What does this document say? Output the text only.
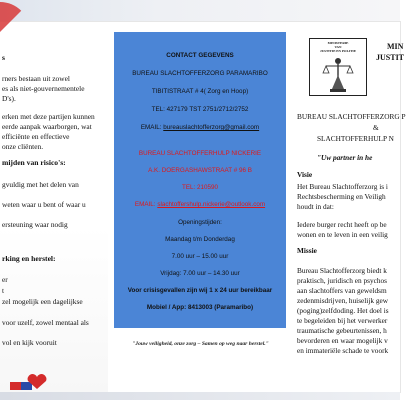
s
rners bestaan uit zowel
es als niet-gouvernementele
D's).
erken met deze partijen kunnen
eerde aanpak waarborgen, wat
efficiënte en effectieve
onze cliënten.
mijden van risico's:
gvuldig met het delen van
weten waar u bent of waar u
ersteuning waar nodig
rking en herstel:
er
t
zel mogelijk een dagelijkse
voor uzelf, zowel mentaal als
vol en kijk vooruit
CONTACT GEGEVENS
BUREAU SLACHTOFFERZORG PARAMARIBO
TIBITISTRAAT # 4( Zorg en Hoop)
TEL: 427179 TST 2751/2712/2752
EMAIL: bureauslachtofferzorg@gmail.com
BUREAU SLACHTOFFERHULP NICKERIE
A.K. DOERGASHAWSTRAAT # 96 B
TEL: 210590
EMAIL: slachtoffershulp.nickerie@outlook.com
Openingstijden:
Maandag t/m Donderdag
7.00 uur – 15.00 uur
Vrijdag: 7.00 uur – 14.30 uur
Voor crisisgevallen zijn wij 1 x 24 uur bereikbaar
Mobiel / App: 8413003 (Paramaribo)
"Jouw veiligheid, onze zorg – Samen op weg naar herstel."
MINISTERIE
VAN
JUSTITIE EN POLITIE	MIN
JUSTIT
BUREAU SLACHTOFFERZORG P
&
SLACHTOFFERHULP N
"Uw partner in he
Visie
Het Bureau Slachtofferzorg is i
Rechtsbescherming en Veiligh
houdt in dat:
Iedere burger recht heeft op be
wonen en te leven in een veilig
Missie
Bureau Slachtofferzorg biedt k
praktisch, juridisch en psychos
aan slachtoffers van geweldsm
zedenmisdrijven, huiselijk gew
(poging)zelfdoding. Het doel is
te begeleiden bij het verwerker
traumatische gebeurtenissen, h
bevorderen en waar mogelijk v
en immateriële schade te voork
